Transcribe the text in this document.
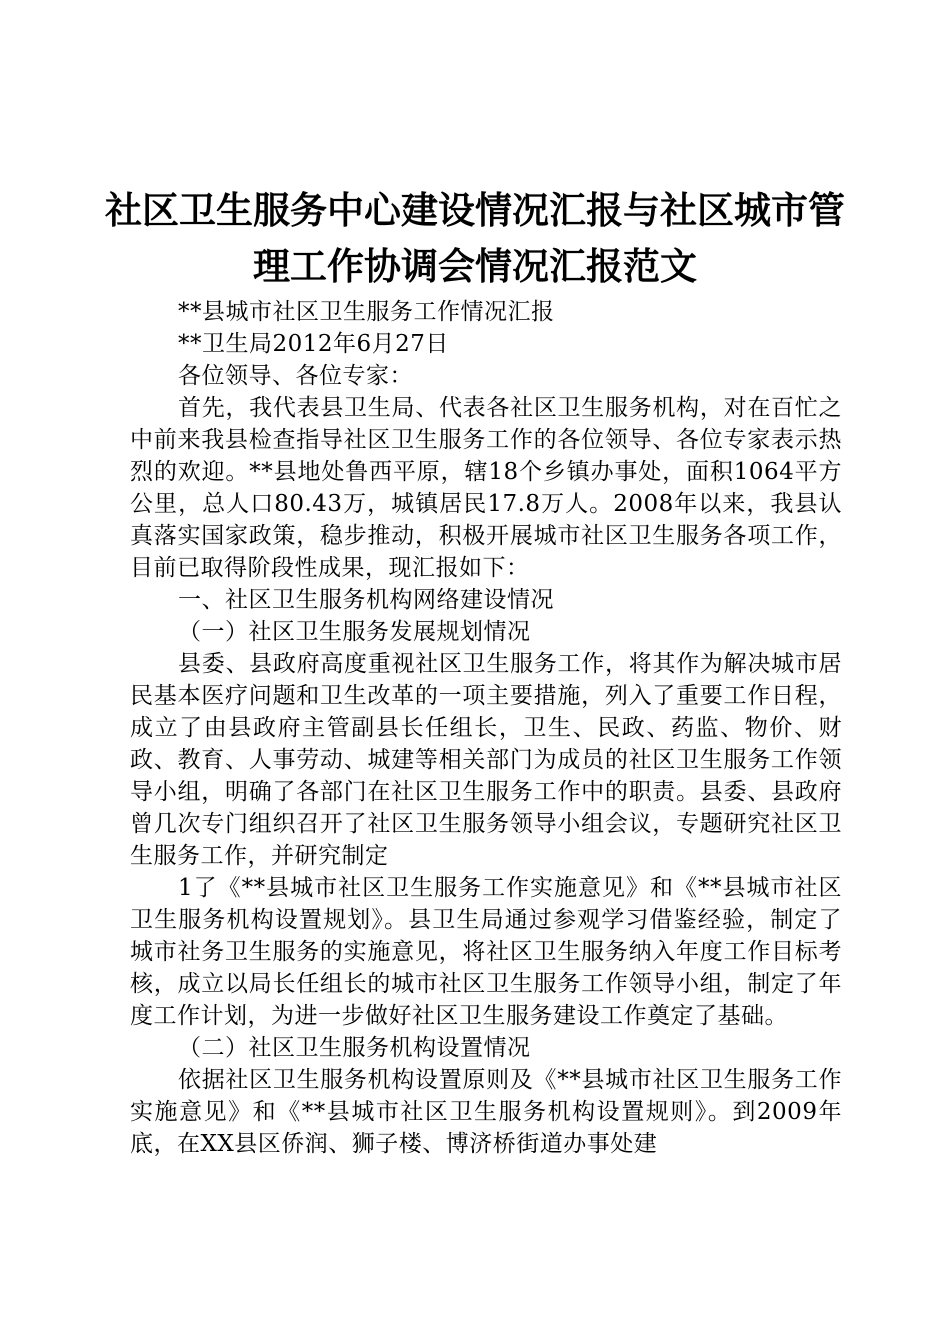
社区卫生服务中心建设情况汇报与社区城市管
理工作协调会情况汇报范文

**县城市社区卫生服务工作情况汇报

**卫生局2012年6月27日

各位领导、各位专家：

首先，我代表县卫生局、代表各社区卫生服务机构，对在百忙之中前来我县检查指导社区卫生服务工作的各位领导、各位专家表示热烈的欢迎。**县地处鲁西平原，辖18个乡镇办事处，面积1064平方公里，总人口80.43万，城镇居民17.8万人。2008年以来，我县认真落实国家政策，稳步推动，积极开展城市社区卫生服务各项工作，目前已取得阶段性成果，现汇报如下：

一、社区卫生服务机构网络建设情况

（一）社区卫生服务发展规划情况

县委、县政府高度重视社区卫生服务工作，将其作为解决城市居民基本医疗问题和卫生改革的一项主要措施，列入了重要工作日程，成立了由县政府主管副县长任组长，卫生、民政、药监、物价、财政、教育、人事劳动、城建等相关部门为成员的社区卫生服务工作领导小组，明确了各部门在社区卫生服务工作中的职责。县委、县政府曾几次专门组织召开了社区卫生服务领导小组会议，专题研究社区卫生服务工作，并研究制定

1了《**县城市社区卫生服务工作实施意见》和《**县城市社区卫生服务机构设置规划》。县卫生局通过参观学习借鉴经验，制定了城市社务卫生服务的实施意见，将社区卫生服务纳入年度工作目标考核，成立以局长任组长的城市社区卫生服务工作领导小组，制定了年度工作计划，为进一步做好社区卫生服务建设工作奠定了基础。

（二）社区卫生服务机构设置情况

依据社区卫生服务机构设置原则及《**县城市社区卫生服务工作实施意见》和《**县城市社区卫生服务机构设置规则》。到2009年底，在XX县区侨润、狮子楼、博济桥街道办事处建
